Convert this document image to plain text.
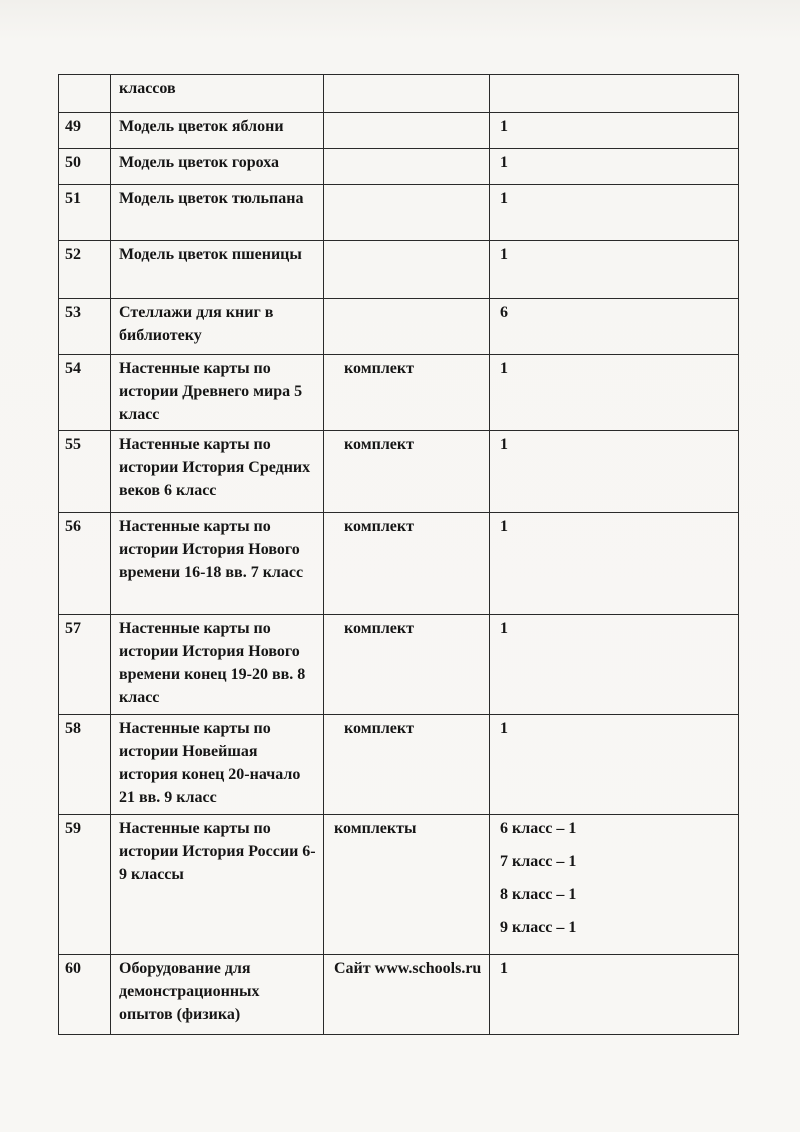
	классов		

49	Модель цветок яблони		1

50	Модель цветок гороха		1

51	Модель цветок тюльпана		1

52	Модель цветок пшеницы		1

53	Стеллажи для книг в библиотеку		6

54	Настенные карты по истории Древнего мира 5 класс	комплект	1

55	Настенные карты по истории История Средних веков 6 класс	комплект	1

56	Настенные карты по истории История Нового времени 16-18 вв. 7 класс	комплект	1

57	Настенные карты по истории История Нового времени конец 19-20 вв. 8 класс	комплект	1

58	Настенные карты по истории Новейшая история конец 20-начало 21 вв. 9 класс	комплект	1

59	Настенные карты по истории История России 6-9 классы	комплекты	6 класс – 1
7 класс – 1
8 класс – 1
9 класс – 1

60	Оборудование для демонстрационных опытов (физика)	Сайт www.schools.ru	1
